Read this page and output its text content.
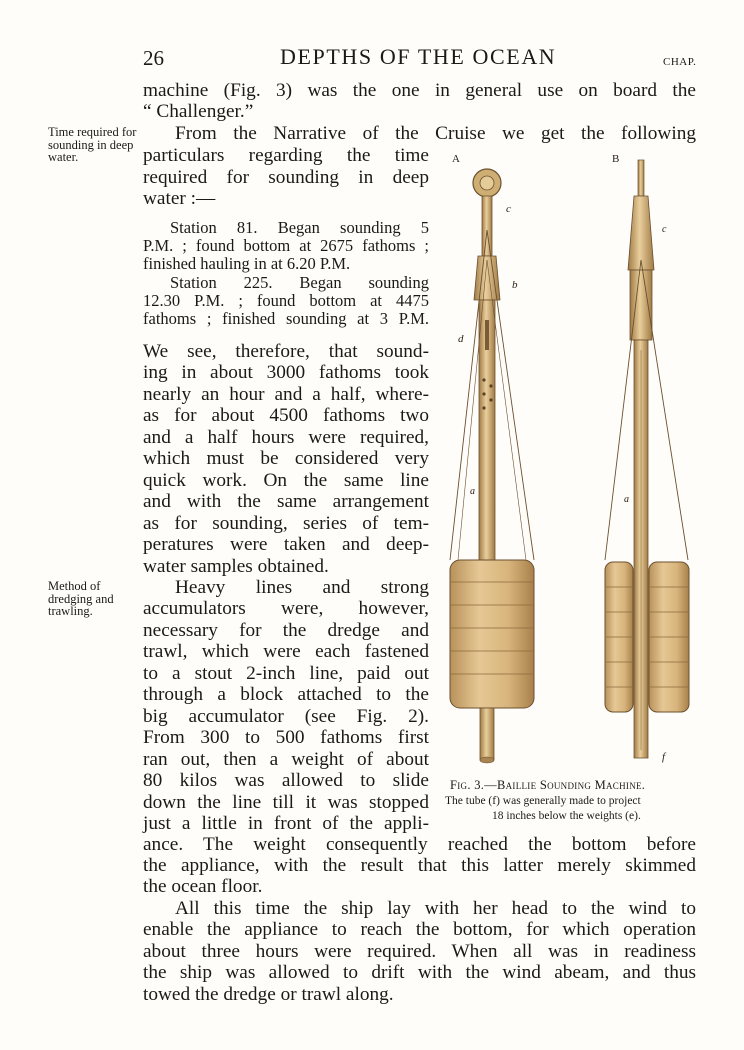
26	DEPTHS OF THE OCEAN	CHAP.
Time required for sounding in deep water.
Method of dredging and trawling.
machine (Fig. 3) was the one in general use on board the
“ Challenger.”
From the Narrative of the Cruise we get the following
particulars regarding the time
required for sounding in deep
water :—
Station 81. Began sounding 5
P.M. ; found bottom at 2675 fathoms ;
finished hauling in at 6.20 P.M.
Station 225. Began sounding
12.30 P.M. ; found bottom at 4475
fathoms ; finished sounding at 3 P.M.
We see, therefore, that sound-
ing in about 3000 fathoms took
nearly an hour and a half, where-
as for about 4500 fathoms two
and a half hours were required,
which must be considered very
quick work. On the same line
and with the same arrangement
as for sounding, series of tem-
peratures were taken and deep-
water samples obtained.
Heavy lines and strong
accumulators were, however,
necessary for the dredge and
trawl, which were each fastened
to a stout 2-inch line, paid out
through a block attached to the
big accumulator (see Fig. 2).
From 300 to 500 fathoms first
ran out, then a weight of about
80 kilos was allowed to slide
down the line till it was stopped
just a little in front of the appli-
ance. The weight consequently reached the bottom before
the appliance, with the result that this latter merely skimmed
the ocean floor.
All this time the ship lay with her head to the wind to
enable the appliance to reach the bottom, for which operation
about three hours were required. When all was in readiness
the ship was allowed to drift with the wind abeam, and thus
towed the dredge or trawl along.
A	B
c
b
d
a
c
a
f
Fig. 3.—Baillie Sounding Machine.
The tube (f) was generally made to project
18 inches below the weights (e).
